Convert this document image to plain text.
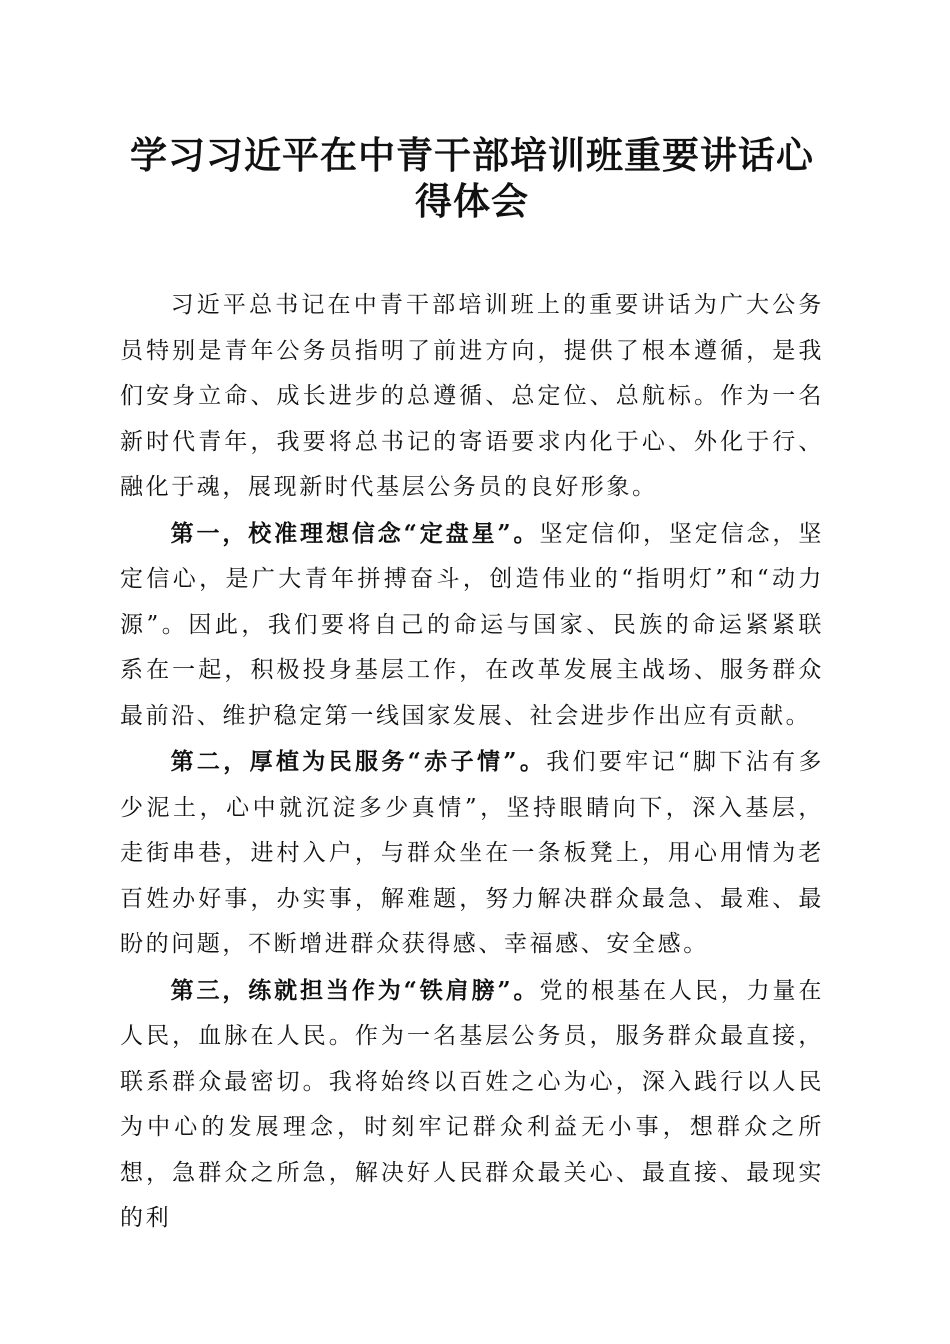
学习习近平在中青干部培训班重要讲话心得体会

习近平总书记在中青干部培训班上的重要讲话为广大公务员特别是青年公务员指明了前进方向，提供了根本遵循，是我们安身立命、成长进步的总遵循、总定位、总航标。作为一名新时代青年，我要将总书记的寄语要求内化于心、外化于行、融化于魂，展现新时代基层公务员的良好形象。

第一，校准理想信念“定盘星”。坚定信仰，坚定信念，坚定信心，是广大青年拼搏奋斗，创造伟业的“指明灯”和“动力源”。因此，我们要将自己的命运与国家、民族的命运紧紧联系在一起，积极投身基层工作，在改革发展主战场、服务群众最前沿、维护稳定第一线国家发展、社会进步作出应有贡献。

第二，厚植为民服务“赤子情”。我们要牢记“脚下沾有多少泥土，心中就沉淀多少真情”，坚持眼睛向下，深入基层，走街串巷，进村入户，与群众坐在一条板凳上，用心用情为老百姓办好事，办实事，解难题，努力解决群众最急、最难、最盼的问题，不断增进群众获得感、幸福感、安全感。

第三，练就担当作为“铁肩膀”。党的根基在人民，力量在人民，血脉在人民。作为一名基层公务员，服务群众最直接，联系群众最密切。我将始终以百姓之心为心，深入践行以人民为中心的发展理念，时刻牢记群众利益无小事，想群众之所想，急群众之所急，解决好人民群众最关心、最直接、最现实的利
